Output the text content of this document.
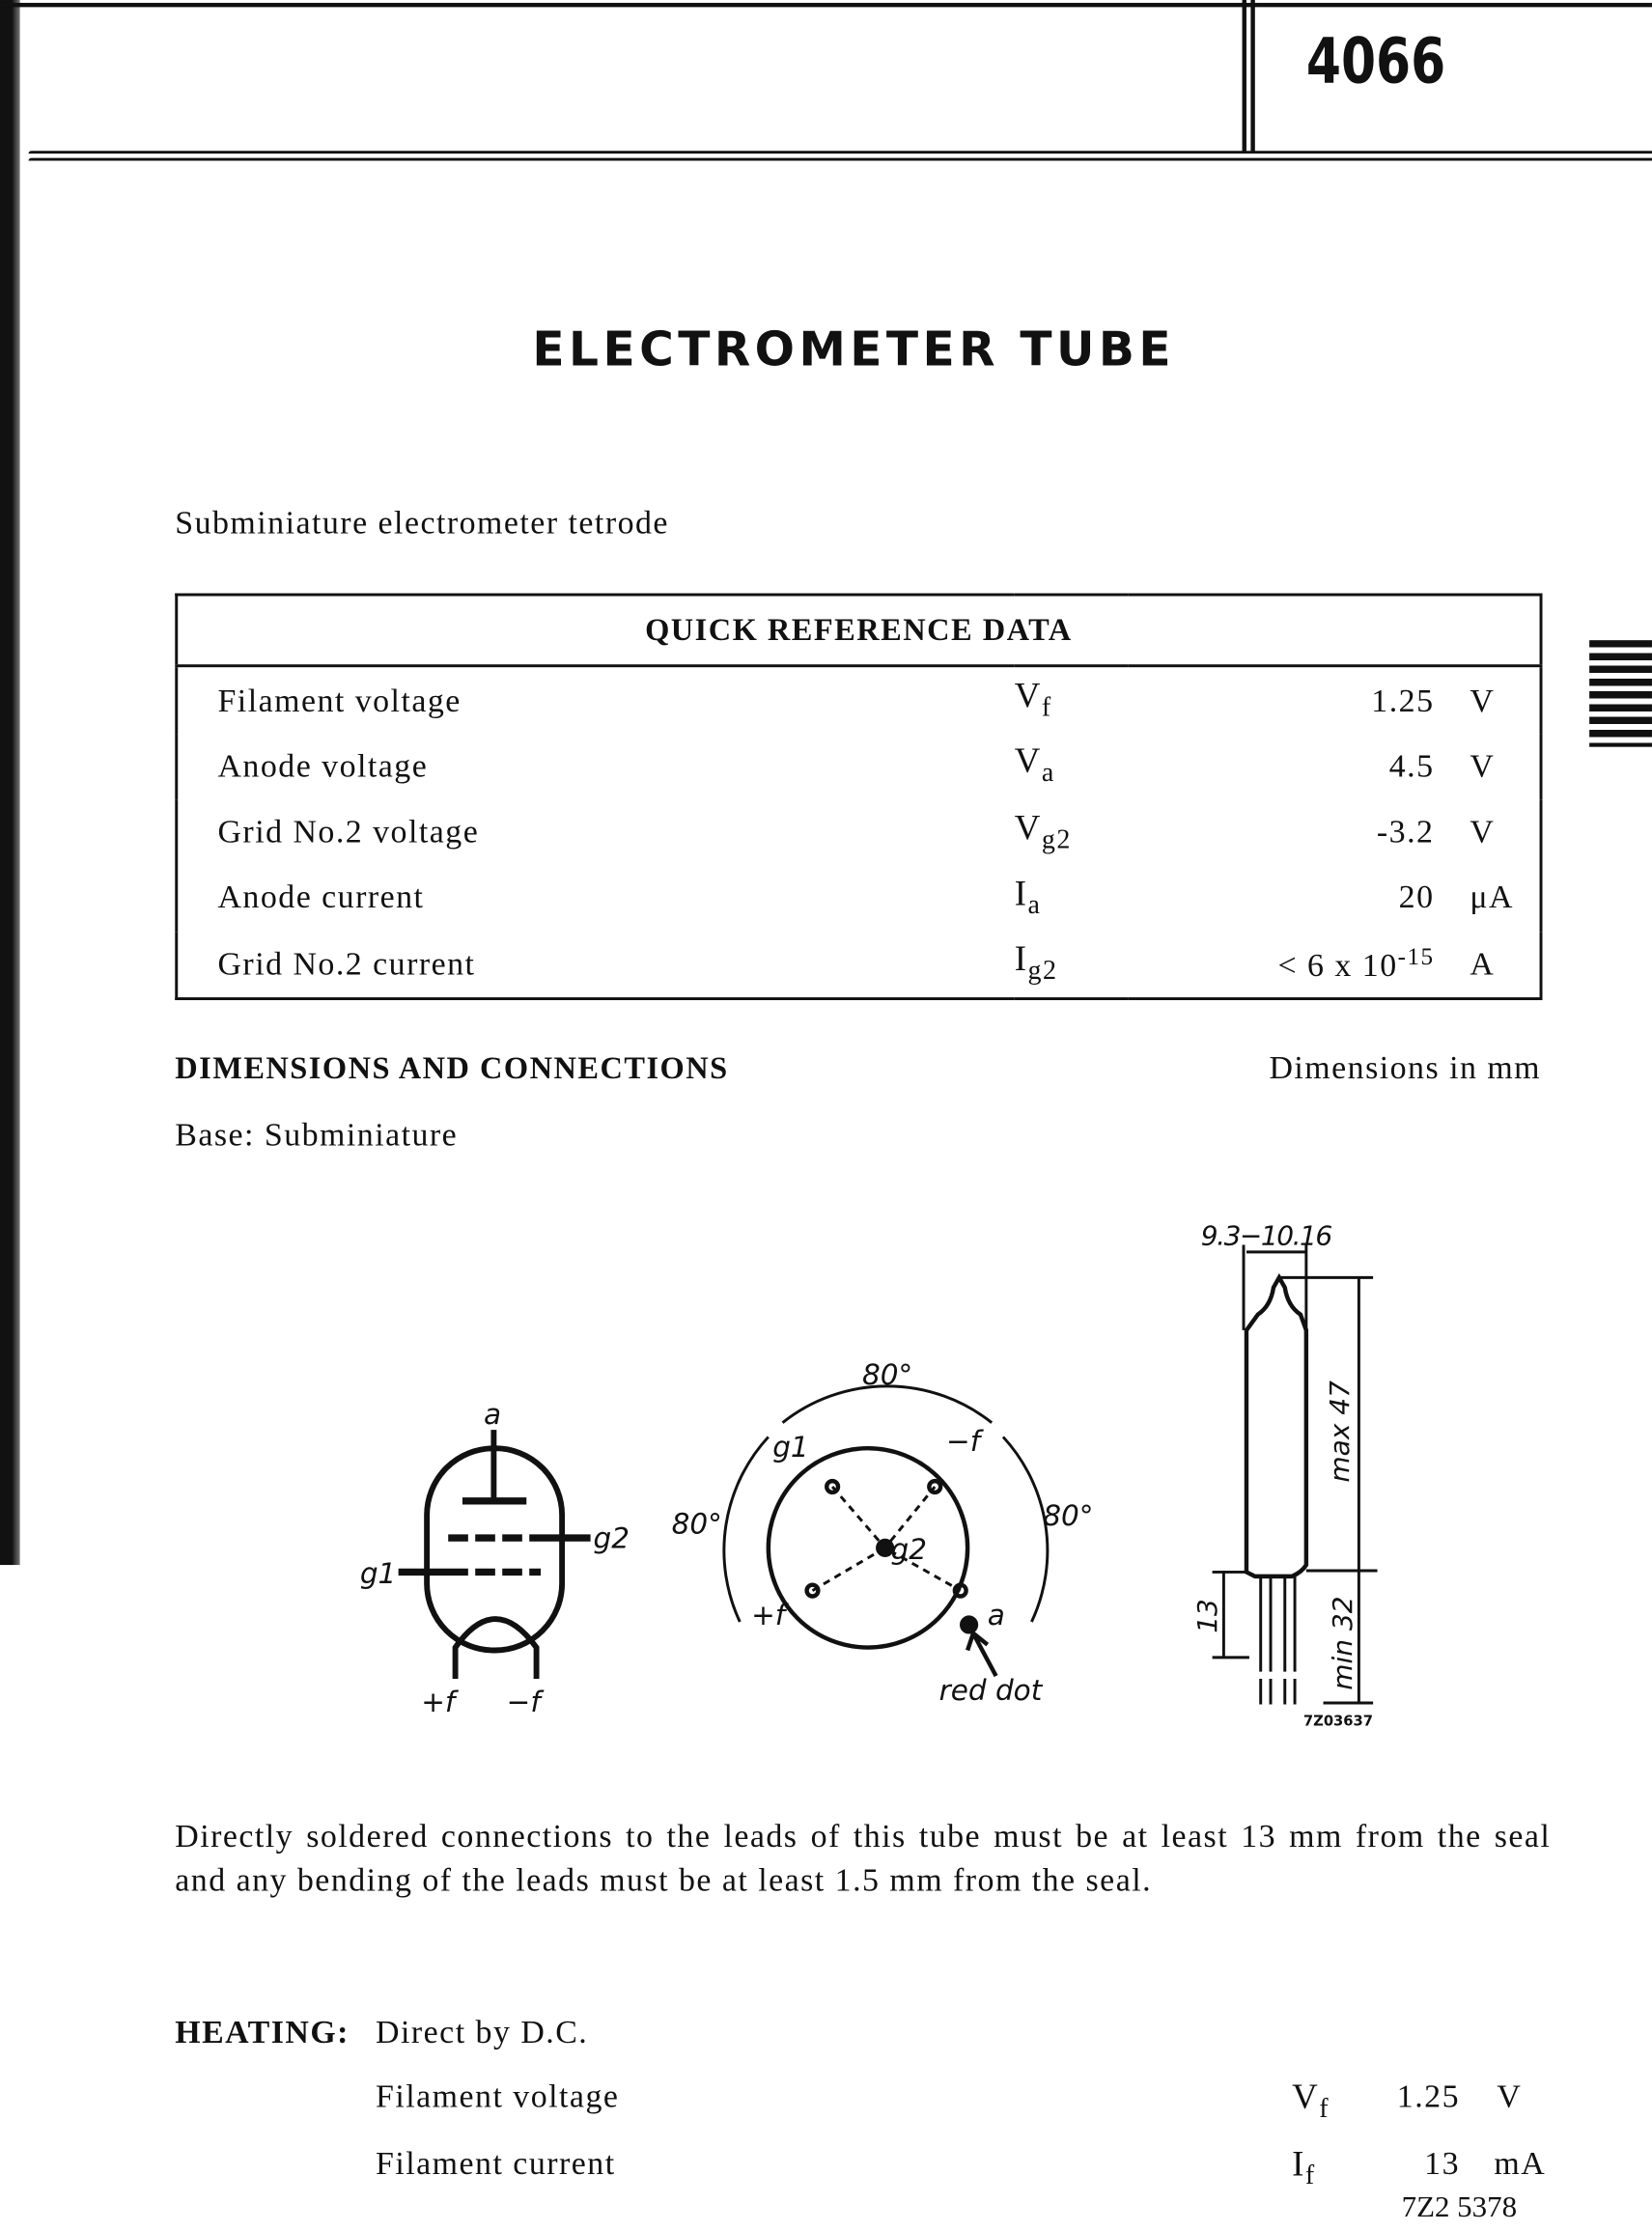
4066
ELECTROMETER TUBE
Subminiature electrometer tetrode
QUICK REFERENCE DATA			
Filament voltage	$V_f$	1.25	V
Anode voltage	$V_a$	4.5	V
Grid No.2 voltage	$V_{g2}$	-3.2	V
Anode current	$I_a$	20	μA
Grid No.2 current	$I_{g2}$	< 6 x $10^{-15}$	A
DIMENSIONS AND CONNECTIONS	Dimensions in mm
Base: Subminiature
a
g2
g1
+f	−f
80°
80°	80°
g1	−f
+f	a
g2
red dot
9.3−10.16
max 47
min 32
13
7Z03637
Directly soldered connections to the leads of this tube must be at least 13 mm from the seal and any bending of the leads must be at least 1.5 mm from the seal.
HEATING: Direct by D.C.
Filament voltage	$V_f$	1.25 V
Filament current	$I_f$	13 mA
7Z2 5378
